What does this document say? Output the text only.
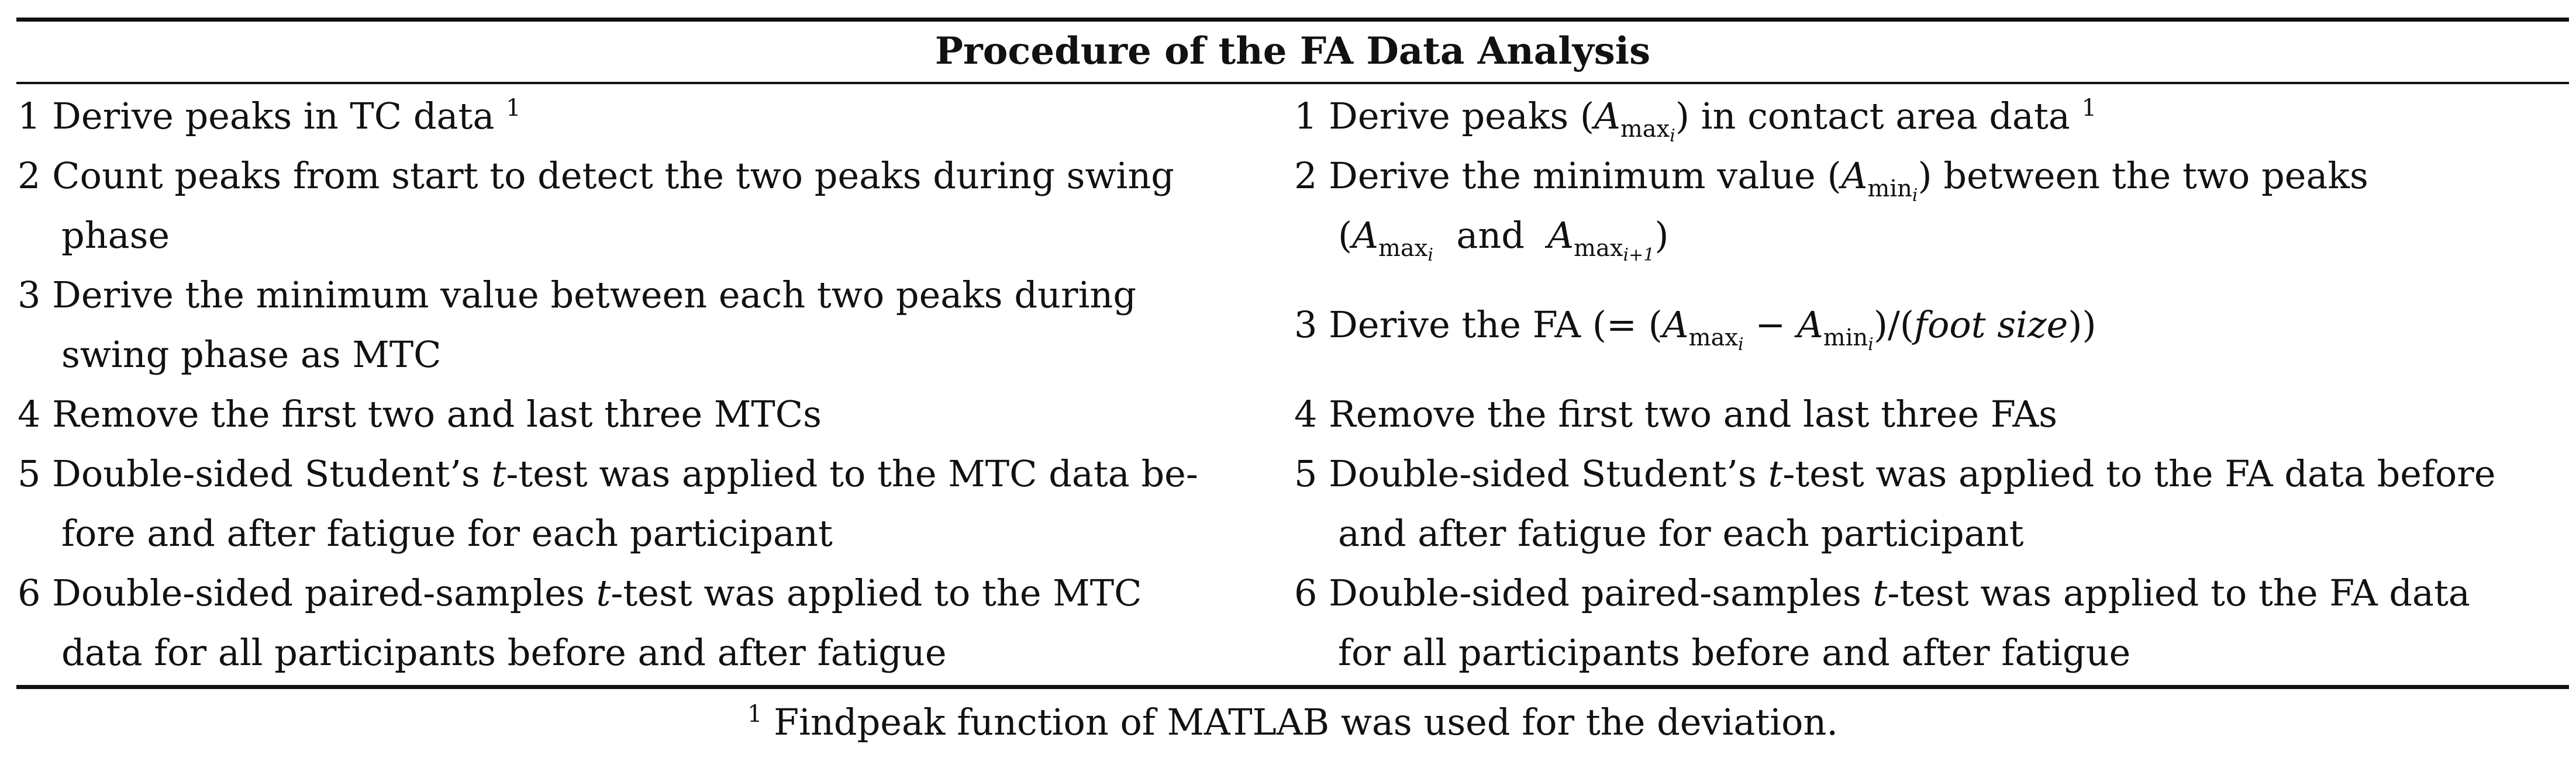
Procedure of the FA Data Analysis
1 Derive peaks in TC data $^1$
2 Count peaks from start to detect the two peaks during swing
phase
3 Derive the minimum value between each two peaks during
swing phase as MTC
4 Remove the first two and last three MTCs
5 Double-sided Student’s t-test was applied to the MTC data be-
fore and after fatigue for each participant
6 Double-sided paired-samples t-test was applied to the MTC
data for all participants before and after fatigue
1 Derive peaks $(A_{max_i})$ in contact area data $^1$
2 Derive the minimum value $(A_{min_i})$ between the two peaks
($A_{max_i}$ and $A_{max_{i+1}}$)
3 Derive the FA (= ($A_{max_i}$ − $A_{min_i})/(foot$ size))
4 Remove the first two and last three FAs
5 Double-sided Student’s t-test was applied to the FA data before
and after fatigue for each participant
6 Double-sided paired-samples t-test was applied to the FA data
for all participants before and after fatigue
$^1$ Findpeak function of MATLAB was used for the deviation.
